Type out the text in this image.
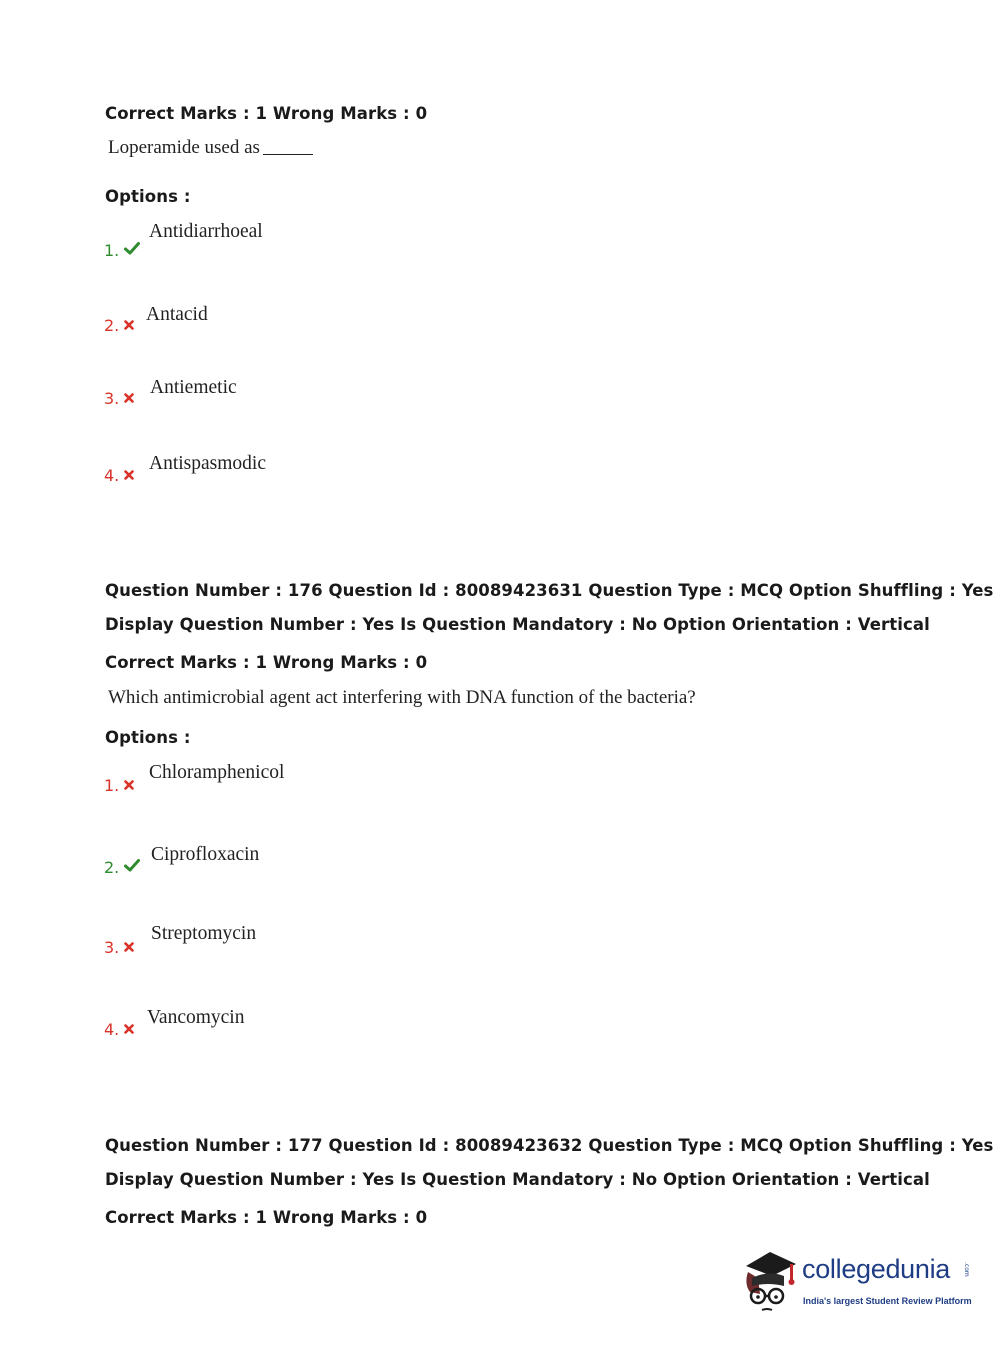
Correct Marks : 1 Wrong Marks : 0
Loperamide used as
Options :
1.
Antidiarrhoeal
2.
Antacid
3.
Antiemetic
4.
Antispasmodic
Question Number : 176 Question Id : 80089423631 Question Type : MCQ Option Shuffling : Yes
Display Question Number : Yes Is Question Mandatory : No Option Orientation : Vertical
Correct Marks : 1 Wrong Marks : 0
Which antimicrobial agent act interfering with DNA function of the bacteria?
Options :
1.
Chloramphenicol
2.
Ciprofloxacin
3.
Streptomycin
4.
Vancomycin
Question Number : 177 Question Id : 80089423632 Question Type : MCQ Option Shuffling : Yes
Display Question Number : Yes Is Question Mandatory : No Option Orientation : Vertical
Correct Marks : 1 Wrong Marks : 0
collegedunia .com
India's largest Student Review Platform
